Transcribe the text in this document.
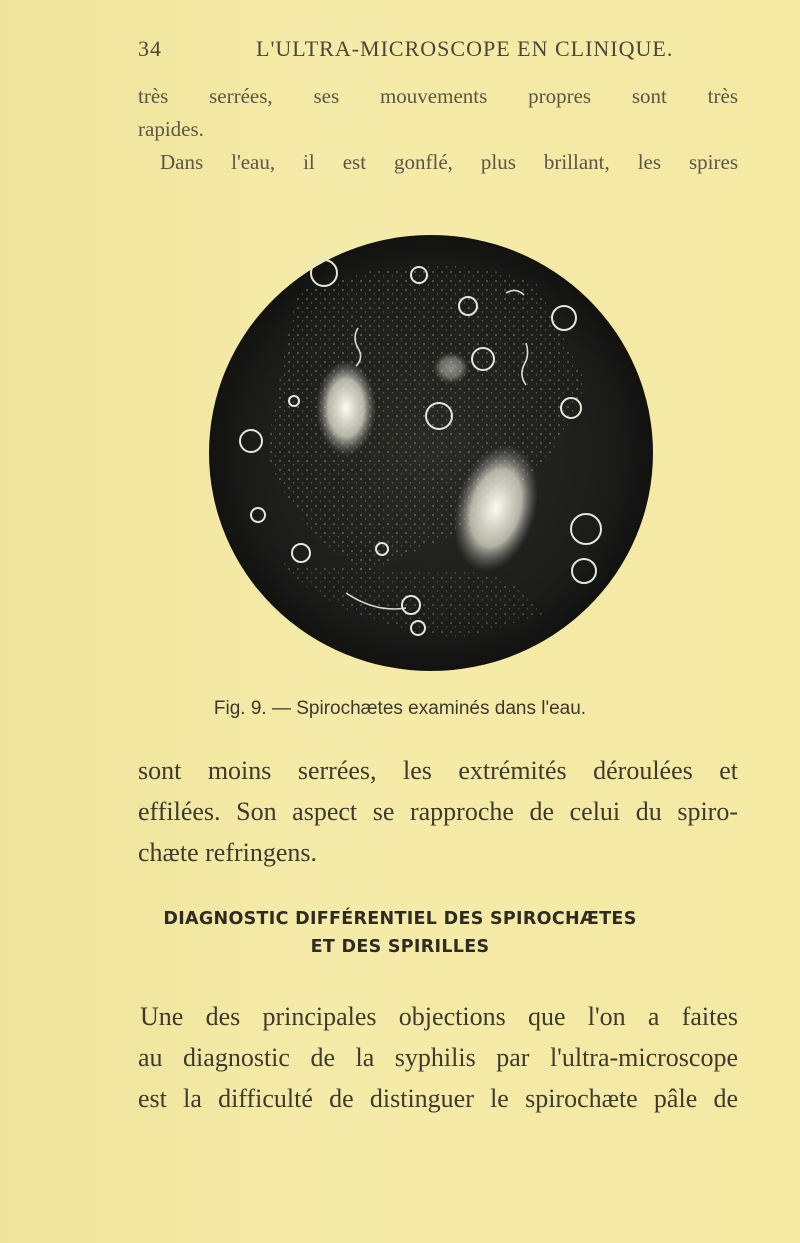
34	L'ULTRA-MICROSCOPE EN CLINIQUE.
très serrées, ses mouvements propres sont très
rapides.
Dans l'eau, il est gonflé, plus brillant, les spires
Fig. 9. — Spirochætes examinés dans l'eau.
sont moins serrées, les extrémités déroulées et
effilées. Son aspect se rapproche de celui du spiro-
chæte refringens.
DIAGNOSTIC DIFFÉRENTIEL DES SPIROCHÆTES
ET DES SPIRILLES
Une des principales objections que l'on a faites
au diagnostic de la syphilis par l'ultra-microscope
est la difficulté de distinguer le spirochæte pâle de
